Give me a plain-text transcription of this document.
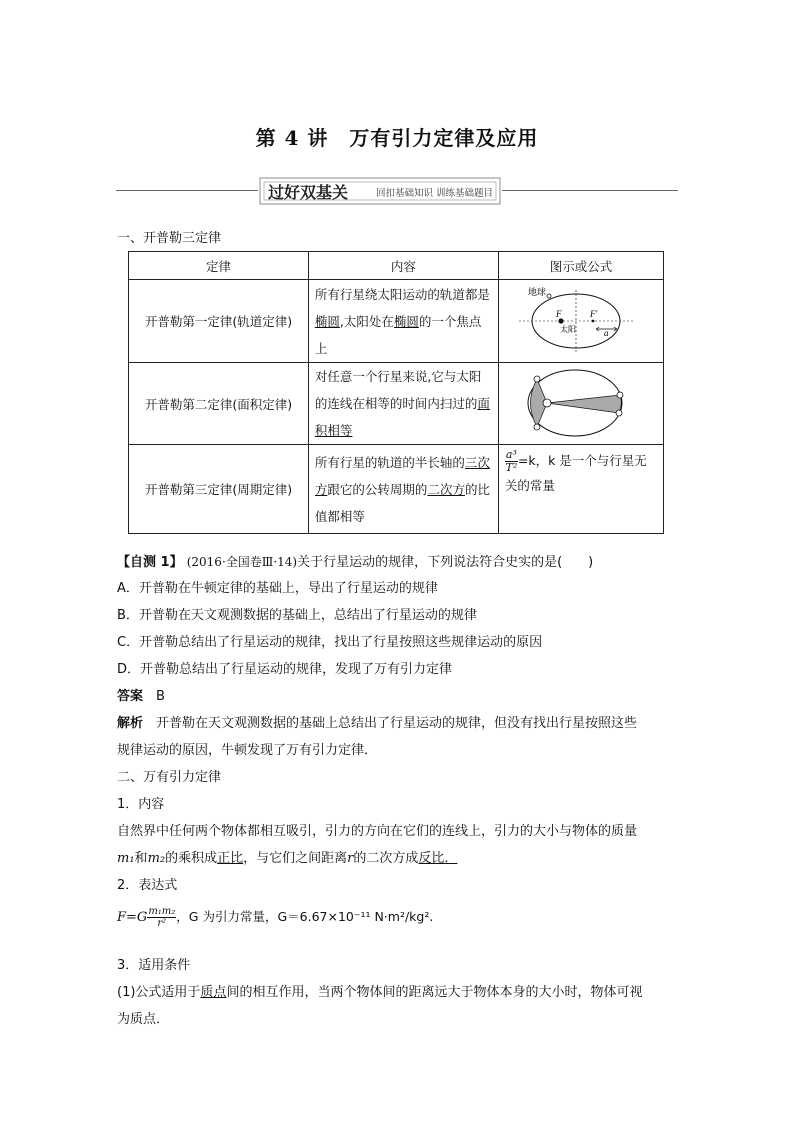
第 4 讲　万有引力定律及应用
过好双基关	回扣基础知识 训练基础题目
一、开普勒三定律
定律	内容	图示或公式
开普勒第一定律(轨道定律)	所有行星绕太阳运动的轨道都是椭圆,太阳处在椭圆的一个焦点上	地球
太阳
F F′
a

开普勒第二定律(面积定律)	对任意一个行星来说,它与太阳的连线在相等的时间内扫过的面积相等	

开普勒第三定律(周期定律)	所有行星的轨道的半长轴的三次方跟它的公转周期的二次方的比值都相等	$\frac{\text{a³}}{\text{T²}} =k$，k 是一个与行星无关的常量
【自测 1】 (2016·全国卷Ⅲ·14)关于行星运动的规律，下列说法符合史实的是(　　)
A．开普勒在牛顿定律的基础上，导出了行星运动的规律
B．开普勒在天文观测数据的基础上，总结出了行星运动的规律
C．开普勒总结出了行星运动的规律，找出了行星按照这些规律运动的原因
D．开普勒总结出了行星运动的规律，发现了万有引力定律
答案　 B
解析　 开普勒在天文观测数据的基础上总结出了行星运动的规律，但没有找出行星按照这些
规律运动的原因，牛顿发现了万有引力定律．
二、万有引力定律
1．内容
自然界中任何两个物体都相互吸引，引力的方向在它们的连线上，引力的大小与物体的质量
m₁和m₂的乘积成正比，与它们之间距离r的二次方成反比．
2．表达式
$F=G \frac{\text{m₁m₂}}{\text{r²}}$ ，G 为引力常量，G＝6.67×10⁻¹¹ N·m²/kg².
3．适用条件
(1)公式适用于质点间的相互作用，当两个物体间的距离远大于物体本身的大小时，物体可视
为质点．
